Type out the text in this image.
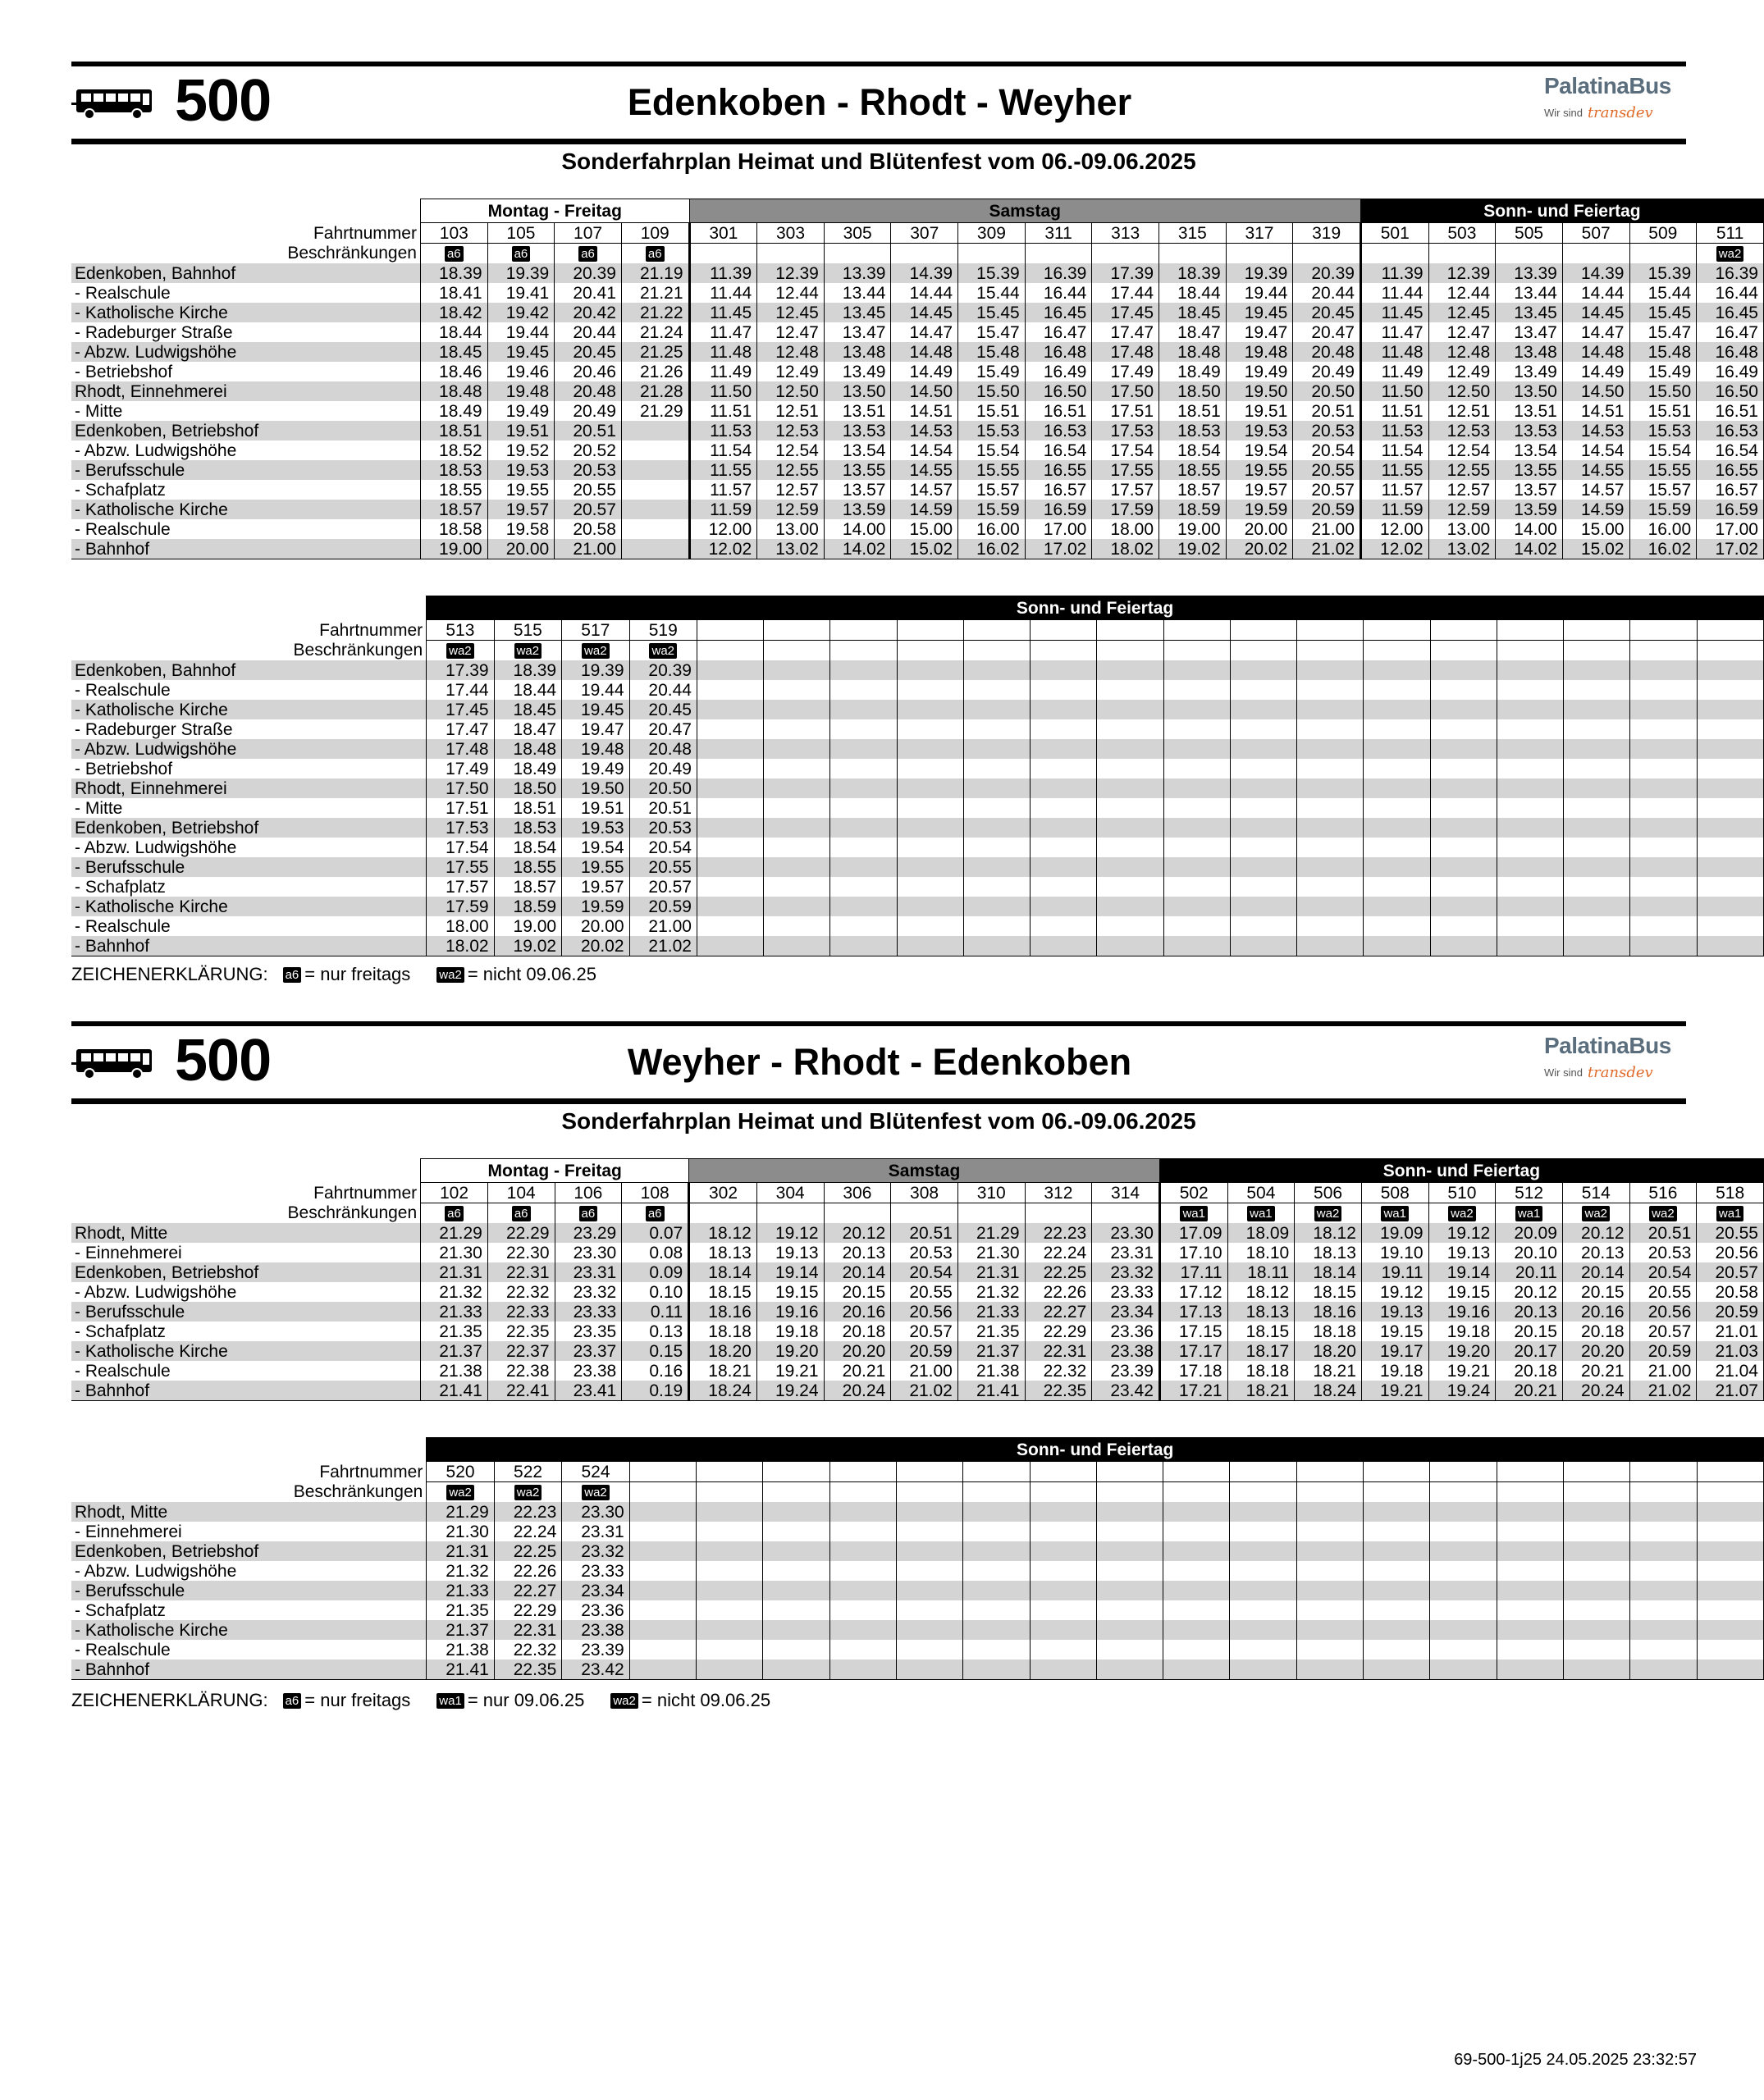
500	Edenkoben - Rhodt - Weyher	PalatinaBus
Wir sind transdev
Sonderfahrplan Heimat und Blütenfest vom 06.-09.06.2025
	Montag - Freitag				Samstag										Sonn- und Feiertag					
Fahrtnummer	103	105	107	109	301	303	305	307	309	311	313	315	317	319	501	503	505	507	509	511
Beschränkungen	a6	a6	a6	a6																wa2
Edenkoben, Bahnhof	18.39	19.39	20.39	21.19	11.39	12.39	13.39	14.39	15.39	16.39	17.39	18.39	19.39	20.39	11.39	12.39	13.39	14.39	15.39	16.39
- Realschule	18.41	19.41	20.41	21.21	11.44	12.44	13.44	14.44	15.44	16.44	17.44	18.44	19.44	20.44	11.44	12.44	13.44	14.44	15.44	16.44
- Katholische Kirche	18.42	19.42	20.42	21.22	11.45	12.45	13.45	14.45	15.45	16.45	17.45	18.45	19.45	20.45	11.45	12.45	13.45	14.45	15.45	16.45
- Radeburger Straße	18.44	19.44	20.44	21.24	11.47	12.47	13.47	14.47	15.47	16.47	17.47	18.47	19.47	20.47	11.47	12.47	13.47	14.47	15.47	16.47
- Abzw. Ludwigshöhe	18.45	19.45	20.45	21.25	11.48	12.48	13.48	14.48	15.48	16.48	17.48	18.48	19.48	20.48	11.48	12.48	13.48	14.48	15.48	16.48
- Betriebshof	18.46	19.46	20.46	21.26	11.49	12.49	13.49	14.49	15.49	16.49	17.49	18.49	19.49	20.49	11.49	12.49	13.49	14.49	15.49	16.49
Rhodt, Einnehmerei	18.48	19.48	20.48	21.28	11.50	12.50	13.50	14.50	15.50	16.50	17.50	18.50	19.50	20.50	11.50	12.50	13.50	14.50	15.50	16.50
- Mitte	18.49	19.49	20.49	21.29	11.51	12.51	13.51	14.51	15.51	16.51	17.51	18.51	19.51	20.51	11.51	12.51	13.51	14.51	15.51	16.51
Edenkoben, Betriebshof	18.51	19.51	20.51		11.53	12.53	13.53	14.53	15.53	16.53	17.53	18.53	19.53	20.53	11.53	12.53	13.53	14.53	15.53	16.53
- Abzw. Ludwigshöhe	18.52	19.52	20.52		11.54	12.54	13.54	14.54	15.54	16.54	17.54	18.54	19.54	20.54	11.54	12.54	13.54	14.54	15.54	16.54
- Berufsschule	18.53	19.53	20.53		11.55	12.55	13.55	14.55	15.55	16.55	17.55	18.55	19.55	20.55	11.55	12.55	13.55	14.55	15.55	16.55
- Schafplatz	18.55	19.55	20.55		11.57	12.57	13.57	14.57	15.57	16.57	17.57	18.57	19.57	20.57	11.57	12.57	13.57	14.57	15.57	16.57
- Katholische Kirche	18.57	19.57	20.57		11.59	12.59	13.59	14.59	15.59	16.59	17.59	18.59	19.59	20.59	11.59	12.59	13.59	14.59	15.59	16.59
- Realschule	18.58	19.58	20.58		12.00	13.00	14.00	15.00	16.00	17.00	18.00	19.00	20.00	21.00	12.00	13.00	14.00	15.00	16.00	17.00
- Bahnhof	19.00	20.00	21.00		12.02	13.02	14.02	15.02	16.02	17.02	18.02	19.02	20.02	21.02	12.02	13.02	14.02	15.02	16.02	17.02
	Sonn- und Feiertag																			
Fahrtnummer	513	515	517	519																
Beschränkungen	wa2	wa2	wa2	wa2																
Edenkoben, Bahnhof	17.39	18.39	19.39	20.39																
- Realschule	17.44	18.44	19.44	20.44																
- Katholische Kirche	17.45	18.45	19.45	20.45																
- Radeburger Straße	17.47	18.47	19.47	20.47																
- Abzw. Ludwigshöhe	17.48	18.48	19.48	20.48																
- Betriebshof	17.49	18.49	19.49	20.49																
Rhodt, Einnehmerei	17.50	18.50	19.50	20.50																
- Mitte	17.51	18.51	19.51	20.51																
Edenkoben, Betriebshof	17.53	18.53	19.53	20.53																
- Abzw. Ludwigshöhe	17.54	18.54	19.54	20.54																
- Berufsschule	17.55	18.55	19.55	20.55																
- Schafplatz	17.57	18.57	19.57	20.57																
- Katholische Kirche	17.59	18.59	19.59	20.59																
- Realschule	18.00	19.00	20.00	21.00																
- Bahnhof	18.02	19.02	20.02	21.02																
ZEICHENERKLÄRUNG: a6 = nur freitags wa2 = nicht 09.06.25
500	Weyher - Rhodt - Edenkoben	PalatinaBus
Wir sind transdev
Sonderfahrplan Heimat und Blütenfest vom 06.-09.06.2025
	Montag - Freitag				Samstag							Sonn- und Feiertag								
Fahrtnummer	102	104	106	108	302	304	306	308	310	312	314	502	504	506	508	510	512	514	516	518
Beschränkungen	a6	a6	a6	a6								wa1	wa1	wa2	wa1	wa2	wa1	wa2	wa2	wa1
Rhodt, Mitte	21.29	22.29	23.29	0.07	18.12	19.12	20.12	20.51	21.29	22.23	23.30	17.09	18.09	18.12	19.09	19.12	20.09	20.12	20.51	20.55
- Einnehmerei	21.30	22.30	23.30	0.08	18.13	19.13	20.13	20.53	21.30	22.24	23.31	17.10	18.10	18.13	19.10	19.13	20.10	20.13	20.53	20.56
Edenkoben, Betriebshof	21.31	22.31	23.31	0.09	18.14	19.14	20.14	20.54	21.31	22.25	23.32	17.11	18.11	18.14	19.11	19.14	20.11	20.14	20.54	20.57
- Abzw. Ludwigshöhe	21.32	22.32	23.32	0.10	18.15	19.15	20.15	20.55	21.32	22.26	23.33	17.12	18.12	18.15	19.12	19.15	20.12	20.15	20.55	20.58
- Berufsschule	21.33	22.33	23.33	0.11	18.16	19.16	20.16	20.56	21.33	22.27	23.34	17.13	18.13	18.16	19.13	19.16	20.13	20.16	20.56	20.59
- Schafplatz	21.35	22.35	23.35	0.13	18.18	19.18	20.18	20.57	21.35	22.29	23.36	17.15	18.15	18.18	19.15	19.18	20.15	20.18	20.57	21.01
- Katholische Kirche	21.37	22.37	23.37	0.15	18.20	19.20	20.20	20.59	21.37	22.31	23.38	17.17	18.17	18.20	19.17	19.20	20.17	20.20	20.59	21.03
- Realschule	21.38	22.38	23.38	0.16	18.21	19.21	20.21	21.00	21.38	22.32	23.39	17.18	18.18	18.21	19.18	19.21	20.18	20.21	21.00	21.04
- Bahnhof	21.41	22.41	23.41	0.19	18.24	19.24	20.24	21.02	21.41	22.35	23.42	17.21	18.21	18.24	19.21	19.24	20.21	20.24	21.02	21.07
	Sonn- und Feiertag																			
Fahrtnummer	520	522	524																	
Beschränkungen	wa2	wa2	wa2																	
Rhodt, Mitte	21.29	22.23	23.30																	
- Einnehmerei	21.30	22.24	23.31																	
Edenkoben, Betriebshof	21.31	22.25	23.32																	
- Abzw. Ludwigshöhe	21.32	22.26	23.33																	
- Berufsschule	21.33	22.27	23.34																	
- Schafplatz	21.35	22.29	23.36																	
- Katholische Kirche	21.37	22.31	23.38																	
- Realschule	21.38	22.32	23.39																	
- Bahnhof	21.41	22.35	23.42																	
ZEICHENERKLÄRUNG: a6 = nur freitags wa1 = nur 09.06.25 wa2 = nicht 09.06.25
69-500-1j25 24.05.2025 23:32:57
